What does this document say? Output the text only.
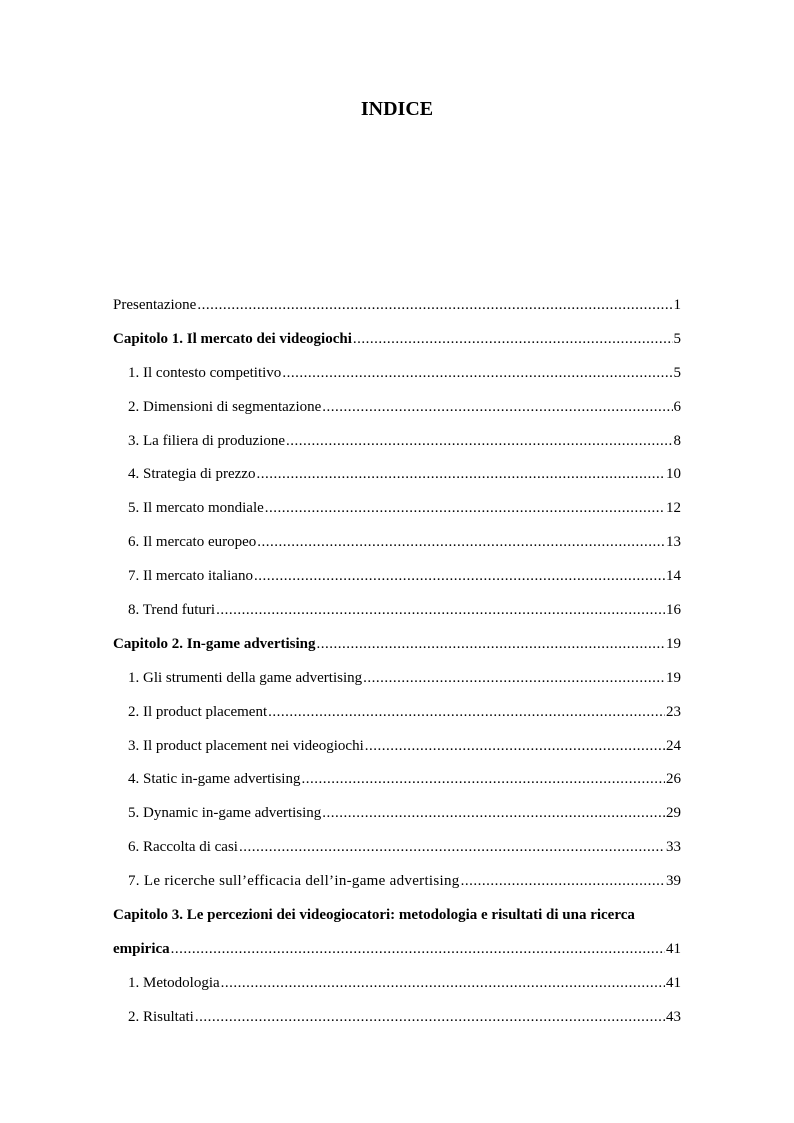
INDICE
Presentazione .....	1
Capitolo 1. Il mercato dei videogiochi .....	5
1. Il contesto competitivo .....	5
2. Dimensioni di segmentazione .....	6
3. La filiera di produzione .....	8
4. Strategia di prezzo .....	10
5. Il mercato mondiale .....	12
6. Il mercato europeo .....	13
7. Il mercato italiano .....	14
8. Trend futuri .....	16
Capitolo 2. In-game advertising .....	19
1. Gli strumenti della game advertising .....	19
2. Il product placement .....	23
3. Il product placement nei videogiochi .....	24
4. Static in-game advertising .....	26
5. Dynamic in-game advertising .....	29
6. Raccolta di casi .....	33
7. Le ricerche sull’efficacia dell’in-game advertising .....	39
Capitolo 3. Le percezioni dei videogiocatori: metodologia e risultati di una ricerca
empirica .....	41
1. Metodologia .....	41
2. Risultati .....	43
